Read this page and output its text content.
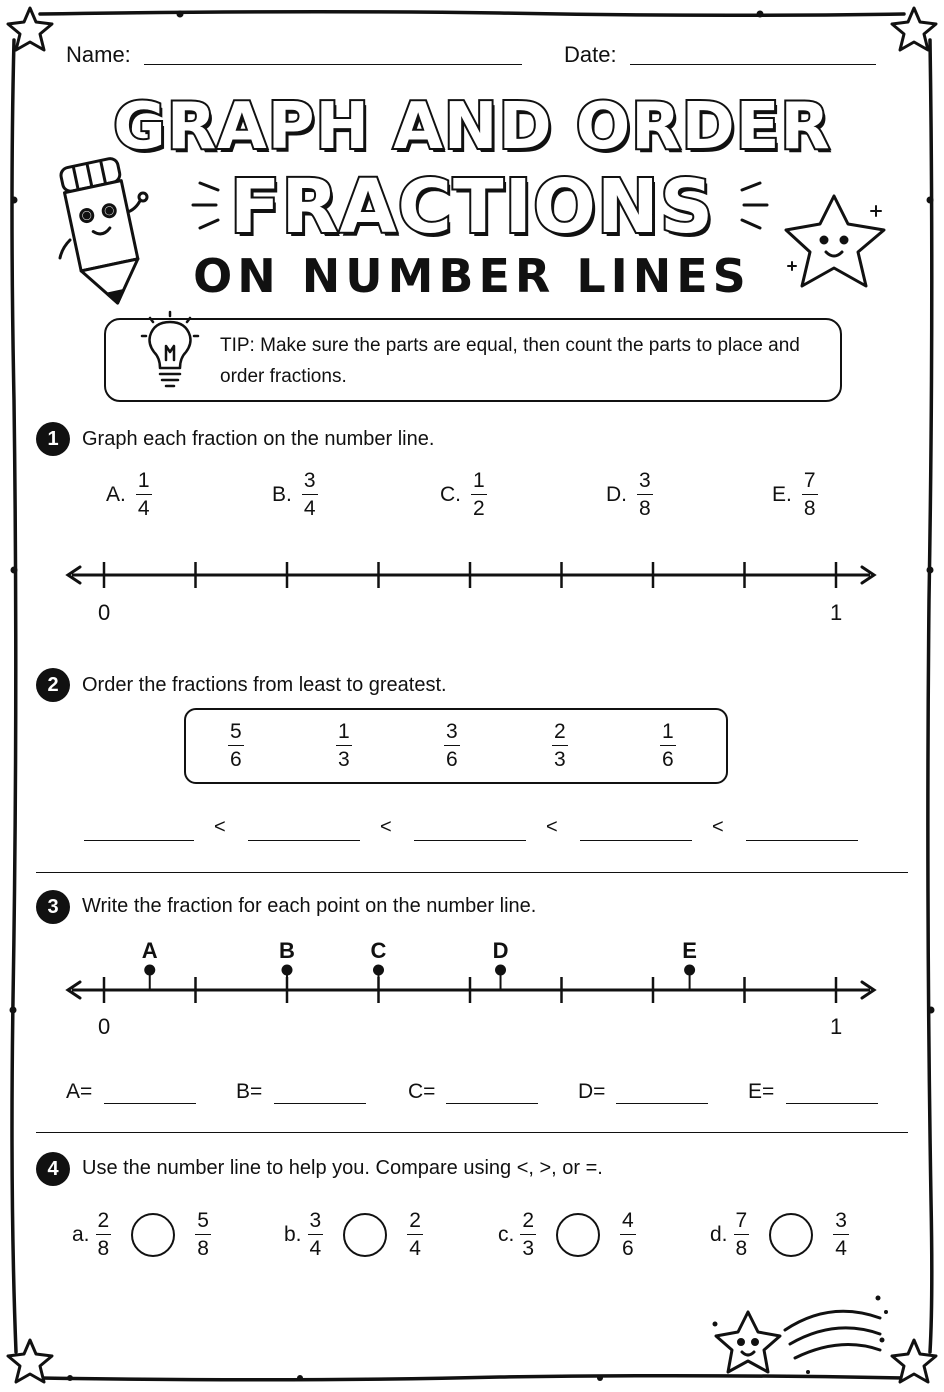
Name:	Date:
GRAPH AND ORDER
FRACTIONS
ON NUMBER LINES
TIP: Make sure the parts are equal, then count the parts to place and order fractions.
1	Graph each fraction on the number line.
A. $\frac{1}{4}$	B. $\frac{3}{4}$	C. $\frac{1}{2}$	D. $\frac{3}{8}$	E. $\frac{7}{8}$
0	1
2	Order the fractions from least to greatest.
$\frac{5}{6}$	$\frac{1}{3}$	$\frac{3}{6}$	$\frac{2}{3}$	$\frac{1}{6}$
<	<	<	<
3	Write the fraction for each point on the number line.
0	1
A	B	C	D	E
A=	B=	C=	D=	E=
4	Use the number line to help you. Compare using <, >, or =.
a. $\frac{2}{8}$	$\frac{5}{8}$	b. $\frac{3}{4}$	$\frac{2}{4}$	c. $\frac{2}{3}$	$\frac{4}{6}$	d. $\frac{7}{8}$	$\frac{3}{4}$
